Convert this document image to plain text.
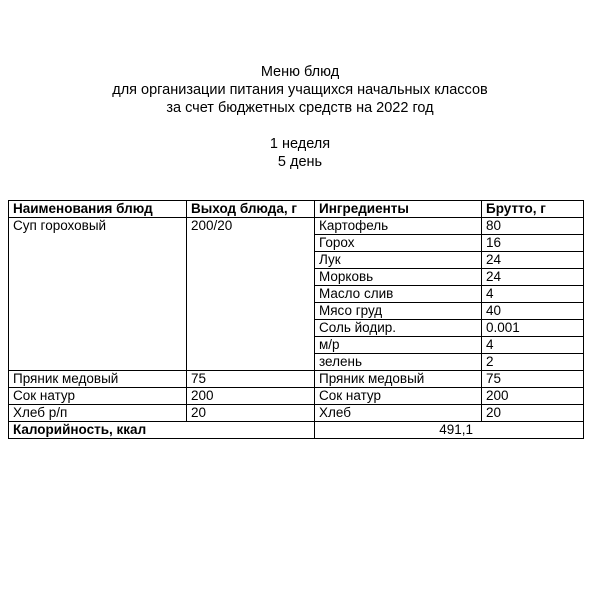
Меню блюд
для организации питания учащихся начальных классов
за счет бюджетных средств на 2022 год
1 неделя
5 день
Наименования блюд	Выход блюда, г	Ингредиенты	Брутто, г
Суп гороховый	200/20	Картофель	80
		Горох	16
		Лук	24
		Морковь	24
		Масло слив	4
		Мясо груд	40
		Соль йодир.	0.001
		м/р	4
		зелень	2
Пряник медовый	75	Пряник медовый	75
Сок натур	200	Сок натур	200
Хлеб р/п	20	Хлеб	20
Калорийность, ккал		491,1	
